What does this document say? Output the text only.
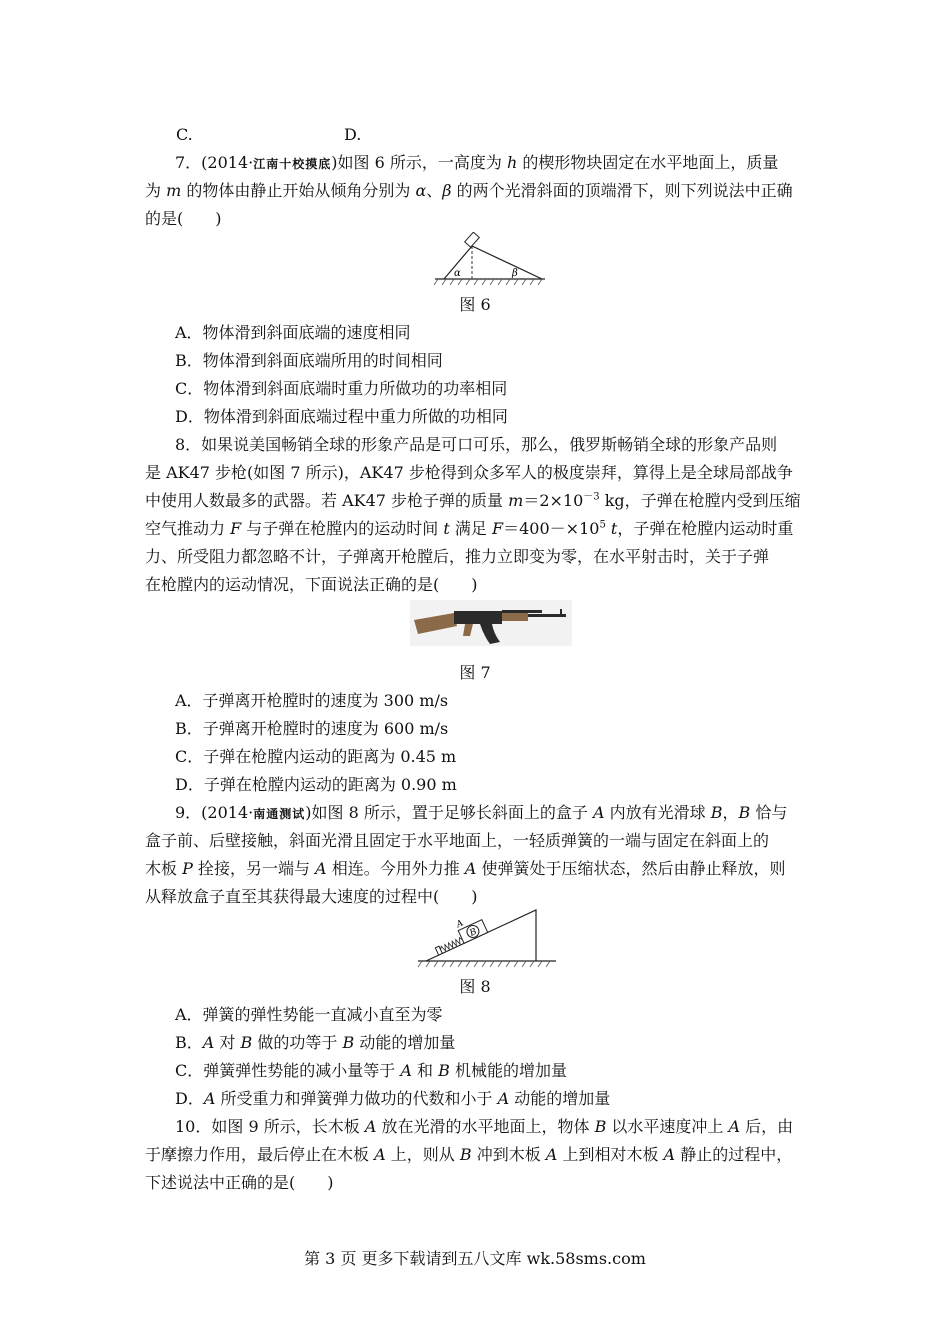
C.	D.
7．(2014·江南十校摸底)如图 6 所示，一高度为 h 的楔形物块固定在水平地面上，质量
为 m 的物体由静止开始从倾角分别为 α、β 的两个光滑斜面的顶端滑下，则下列说法中正确
的是(　　)
α	β
图 6
A．物体滑到斜面底端的速度相同
B．物体滑到斜面底端所用的时间相同
C．物体滑到斜面底端时重力所做功的功率相同
D．物体滑到斜面底端过程中重力所做的功相同
8．如果说美国畅销全球的形象产品是可口可乐，那么，俄罗斯畅销全球的形象产品则
是 AK47 步枪(如图 7 所示)，AK47 步枪得到众多军人的极度崇拜，算得上是全球局部战争
中使用人数最多的武器。若 AK47 步枪子弹的质量 $m=2\times 10^{-3}$ kg，子弹在枪膛内受到压缩
空气推动力 F 与子弹在枪膛内的运动时间 t 满足 $F=400-\times 10^5$ t，子弹在枪膛内运动时重
力、所受阻力都忽略不计，子弹离开枪膛后，推力立即变为零，在水平射击时，关于子弹
在枪膛内的运动情况，下面说法正确的是(　　)
图 7
A．子弹离开枪膛时的速度为 300 m/s
B．子弹离开枪膛时的速度为 600 m/s
C．子弹在枪膛内运动的距离为 0.45 m
D．子弹在枪膛内运动的距离为 0.90 m
9．(2014·南通测试)如图 8 所示，置于足够长斜面上的盒子 A 内放有光滑球 B，B 恰与
盒子前、后壁接触，斜面光滑且固定于水平地面上，一轻质弹簧的一端与固定在斜面上的
木板 P 拴接，另一端与 A 相连。今用外力推 A 使弹簧处于压缩状态，然后由静止释放，则
从释放盒子直至其获得最大速度的过程中(　　)
B
A
图 8
A．弹簧的弹性势能一直减小直至为零
B．A 对 B 做的功等于 B 动能的增加量
C．弹簧弹性势能的减小量等于 A 和 B 机械能的增加量
D．A 所受重力和弹簧弹力做功的代数和小于 A 动能的增加量
10．如图 9 所示，长木板 A 放在光滑的水平地面上，物体 B 以水平速度冲上 A 后，由
于摩擦力作用，最后停止在木板 A 上，则从 B 冲到木板 A 上到相对木板 A 静止的过程中，
下述说法中正确的是(　　)
第 3 页 更多下载请到五八文库 wk.58sms.com
